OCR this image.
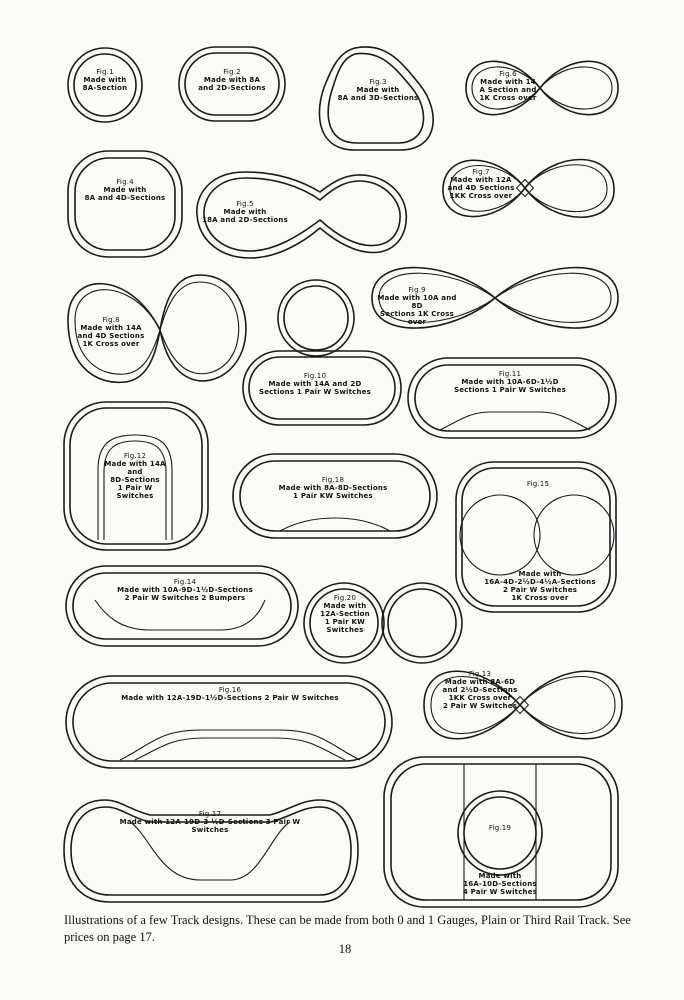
Fig.1
Made with
8A-Section
Fig.2
Made with 8A
and 2D-Sections
Fig.3
Made with
8A and 3D-Sections
Fig.6
Made with 14
A Section and
1K Cross over
Fig.4
Made with
8A and 4D-Sections
Fig.5
Made with
18A and 2D-Sections
Fig.7
Made with 12A
and 4D Sections
1KK Cross over
Fig.8
Made with 14A
and 4D Sections
1K Cross over
Fig.9
Made with 10A and 8D
Sections 1K Cross over
Fig.10
Made with 14A and 2D
Sections 1 Pair W Switches
Fig.11
Made with 10A-6D-1½D
Sections 1 Pair W Switches
Fig.12
Made with 14A and
8D-Sections
1 Pair W Switches
Fig.18
Made with 8A-8D-Sections
1 Pair KW Switches
Fig.15
Made with
16A-4D-2½D-4½A-Sections
2 Pair W Switches
1K Cross over
Fig.14
Made with 10A-9D-1½D-Sections
2 Pair W Switches 2 Bumpers	Fig.20
Made with
12A-Section
1 Pair KW Switches
Fig.13
Made with 8A-6D
and 2½D-Sections
1KK Cross over
2 Pair W Switches
Fig.16
Made with 12A-19D-1½D-Sections 2 Pair W Switches
Fig.17
Made with 12A-19D-3 ½D-Sections 3 Pair W Switches	Fig.19
Made with
16A-10D-Sections
4 Pair W Switches
Illustrations of a few Track designs. These can be made from both 0 and 1 Gauges, Plain or Third Rail Track. See prices on page 17.
18
